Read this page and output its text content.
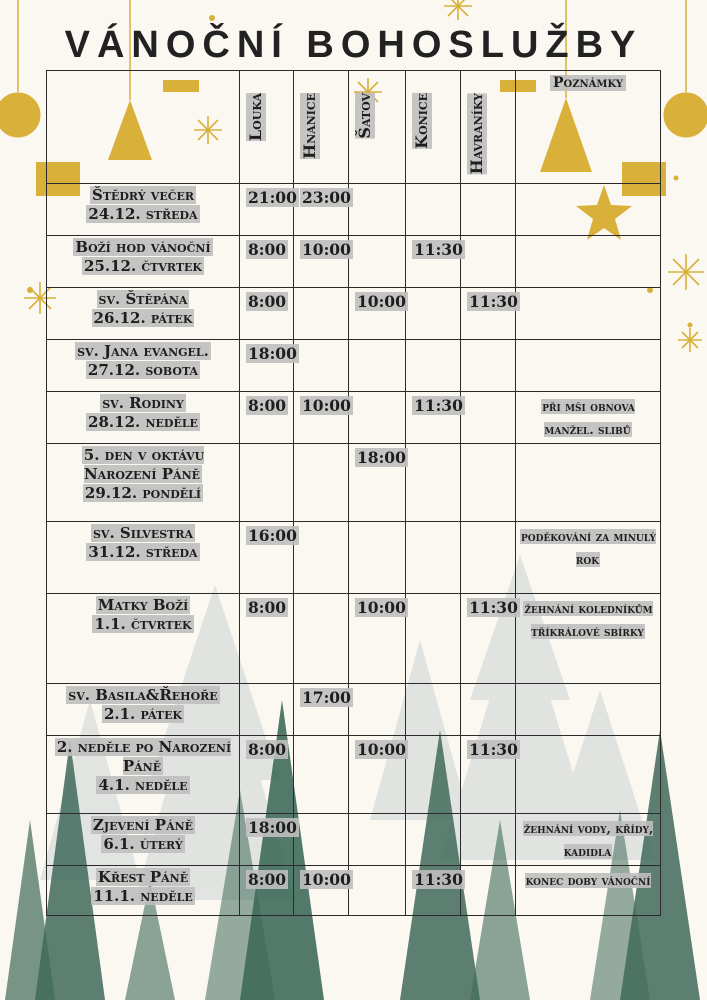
VÁNOČNÍ BOHOSLUŽBY

	Louka	Hnanice	Šatov	Konice	Havraníky	Poznámky
Štědrý večer
24.12. středa	21:00	23:00				
Boží hod vánoční
25.12. čtvrtek	8:00	10:00		11:30		
sv. Štěpána
26.12. pátek	8:00		10:00		11:30	
sv. Jana evangel.
27.12. sobota	18:00					
sv. Rodiny
28.12. neděle	8:00	10:00		11:30		při mši obnova manžel. slibů
5. den v oktávu Narození Páně
29.12. pondělí			18:00			
sv. Silvestra
31.12. středa	16:00					poděkování za minulý rok
Matky Boží
1.1. čtvrtek	8:00		10:00		11:30	žehnání koledníkům tříkrálové sbírky
sv. Basila&Řehoře
2.1. pátek		17:00				
2. neděle po Narození Páně
4.1. neděle	8:00		10:00		11:30	
Zjevení Páně
6.1. úterý	18:00					žehnání vody, křídy, kadidla
Křest Páně
11.1. neděle	8:00	10:00		11:30		konec doby vánoční
